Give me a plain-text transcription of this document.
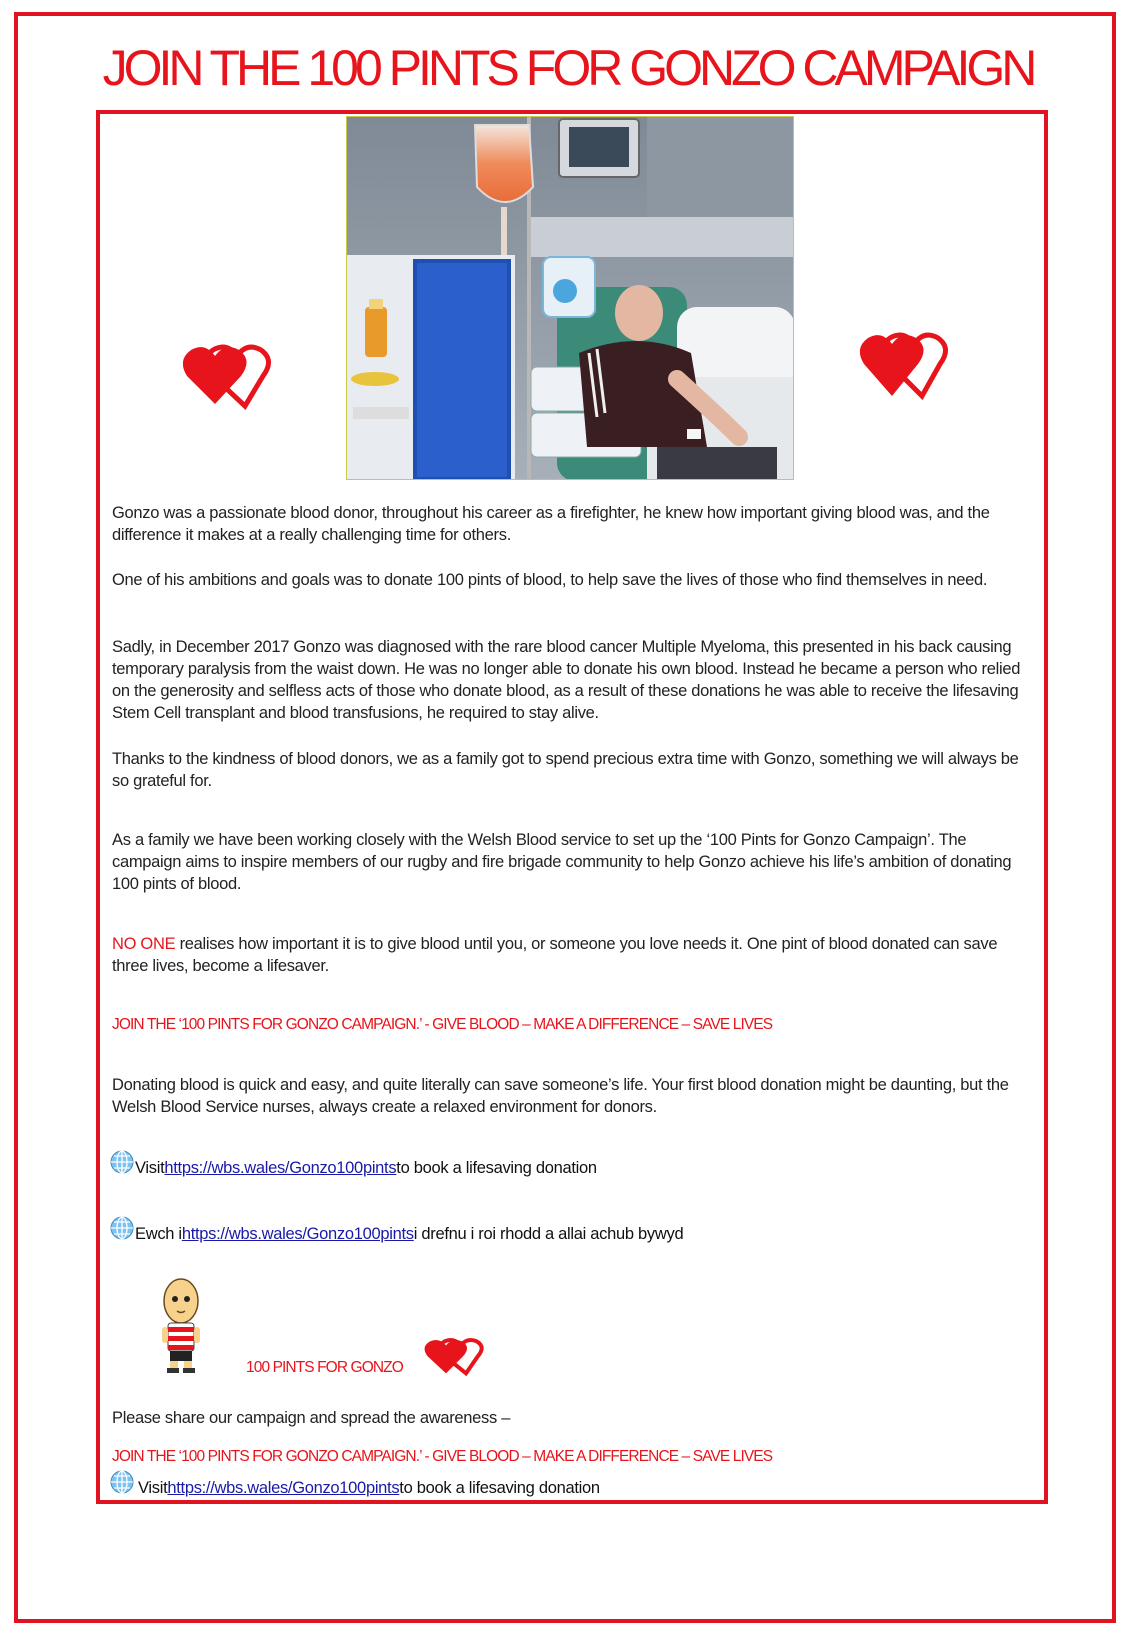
JOIN THE 100 PINTS FOR GONZO CAMPAIGN

Gonzo was a passionate blood donor, throughout his career as a firefighter, he knew how important giving blood was, and the difference it makes at a really challenging time for others.

One of his ambitions and goals was to donate 100 pints of blood, to help save the lives of those who find themselves in need.

Sadly, in December 2017 Gonzo was diagnosed with the rare blood cancer Multiple Myeloma, this presented in his back causing temporary paralysis from the waist down. He was no longer able to donate his own blood. Instead he became a person who relied on the generosity and selfless acts of those who donate blood, as a result of these donations he was able to receive the lifesaving Stem Cell transplant and blood transfusions, he required to stay alive.

Thanks to the kindness of blood donors, we as a family got to spend precious extra time with Gonzo, something we will always be so grateful for.

As a family we have been working closely with the Welsh Blood service to set up the ‘100 Pints for Gonzo Campaign’. The campaign aims to inspire members of our rugby and fire brigade community to help Gonzo achieve his life’s ambition of donating 100 pints of blood.

NO ONE realises how important it is to give blood until you, or someone you love needs it. One pint of blood donated can save three lives, become a lifesaver.

JOIN THE ‘100 PINTS FOR GONZO CAMPAIGN.’ - GIVE BLOOD – MAKE A DIFFERENCE – SAVE LIVES

Donating blood is quick and easy, and quite literally can save someone’s life. Your first blood donation might be daunting, but the Welsh Blood Service nurses, always create a relaxed environment for donors.

Visit https://wbs.wales/Gonzo100pints to book a lifesaving donation
Ewch i https://wbs.wales/Gonzo100pints i drefnu i roi rhodd a allai achub bywyd
100 PINTS FOR GONZO

Please share our campaign and spread the awareness –

JOIN THE ‘100 PINTS FOR GONZO CAMPAIGN.’ - GIVE BLOOD – MAKE A DIFFERENCE – SAVE LIVES
Visit https://wbs.wales/Gonzo100pints to book a lifesaving donation
